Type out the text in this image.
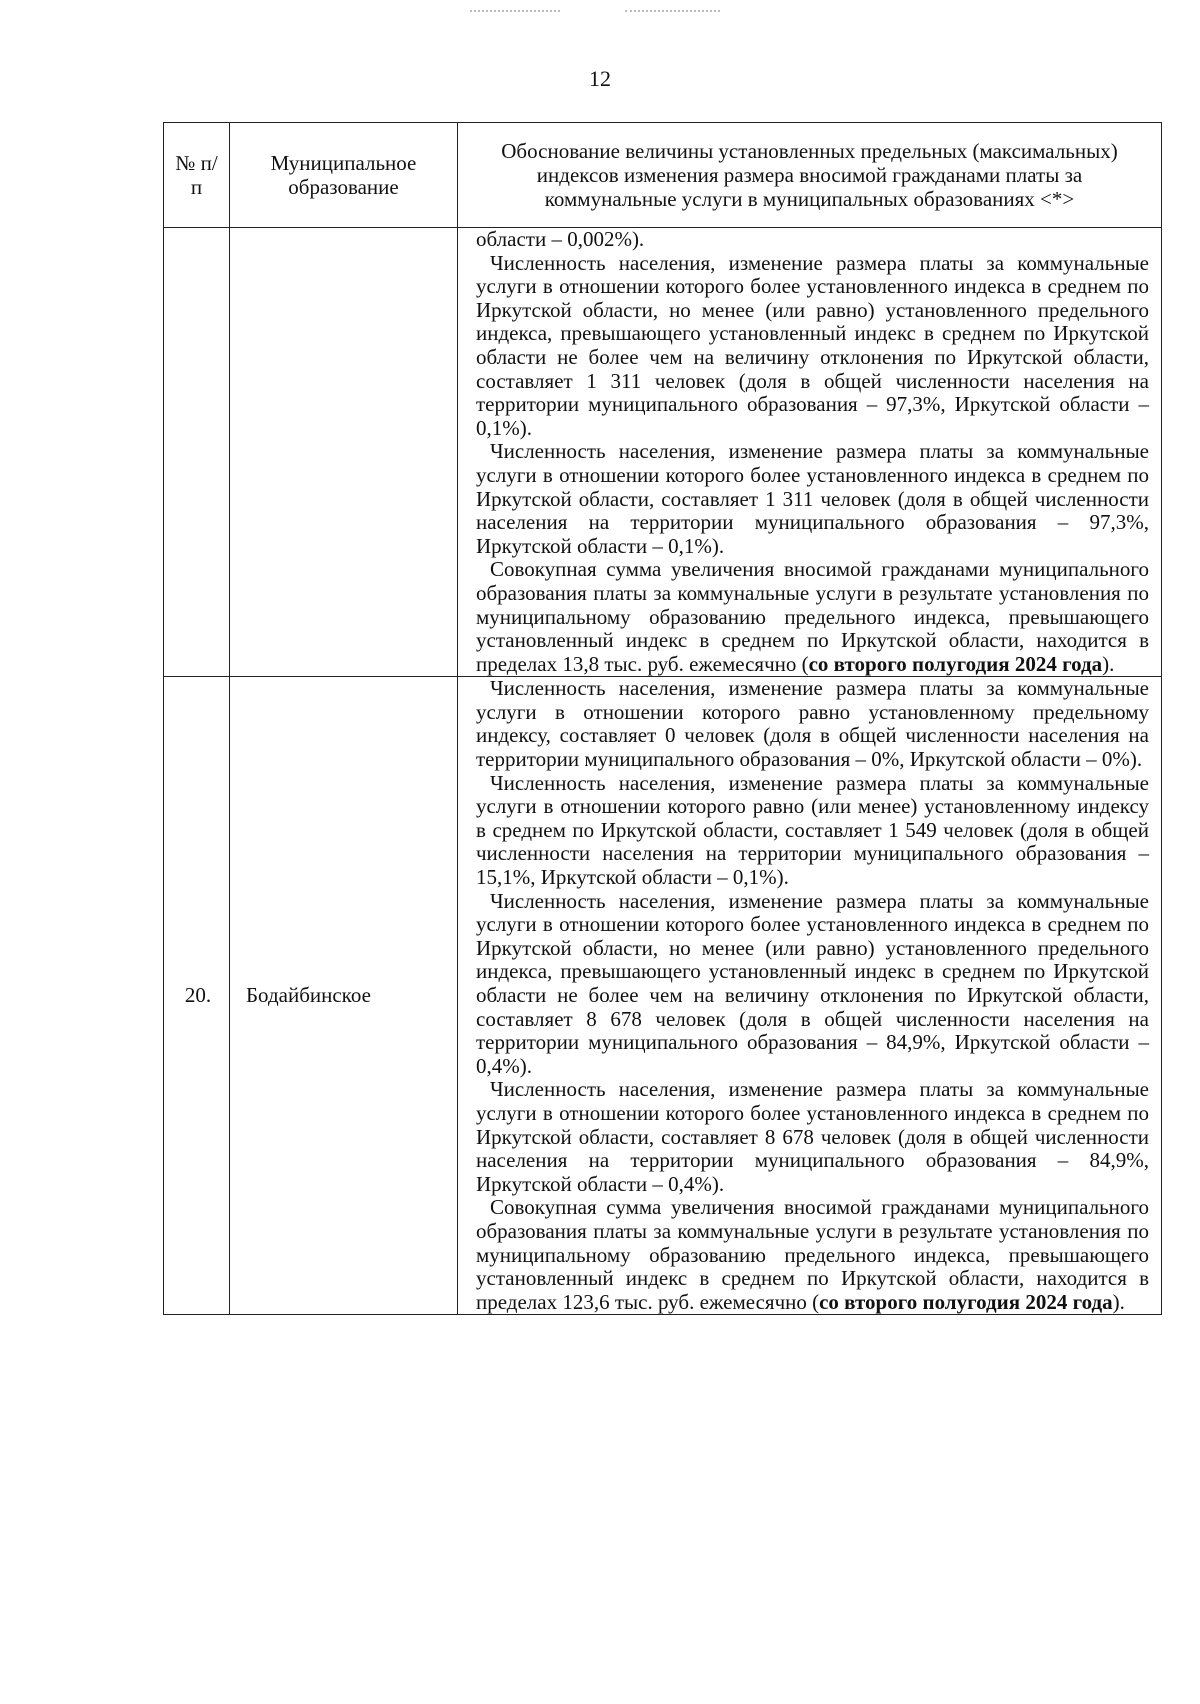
12
№ п/п	Муниципальное образование	Обоснование величины установленных предельных (максимальных) индексов изменения размера вносимой гражданами платы за коммунальные услуги в муниципальных образованиях <*>

		области – 0,002%).

Численность населения, изменение размера платы за коммунальные услуги в отношении которого более установленного индекса в среднем по Иркутской области, но менее (или равно) установленного предельного индекса, превышающего установленный индекс в среднем по Иркутской области не более чем на величину отклонения по Иркутской области, составляет 1 311 человек (доля в общей численности населения на территории муниципального образования – 97,3%, Иркутской области – 0,1%).

Численность населения, изменение размера платы за коммунальные услуги в отношении которого более установленного индекса в среднем по Иркутской области, составляет 1 311 человек (доля в общей численности населения на территории муниципального образования – 97,3%, Иркутской области – 0,1%).

Совокупная сумма увеличения вносимой гражданами муниципального образования платы за коммунальные услуги в результате установления по муниципальному образованию предельного индекса, превышающего установленный индекс в среднем по Иркутской области, находится в пределах 13,8 тыс. руб. ежемесячно (со второго полугодия 2024 года).

20.	Бодайбинское	Численность населения, изменение размера платы за коммунальные услуги в отношении которого равно установленному предельному индексу, составляет 0 человек (доля в общей численности населения на территории муниципального образования – 0%, Иркутской области – 0%).

Численность населения, изменение размера платы за коммунальные услуги в отношении которого равно (или менее) установленному индексу в среднем по Иркутской области, составляет 1 549 человек (доля в общей численности населения на территории муниципального образования – 15,1%, Иркутской области – 0,1%).

Численность населения, изменение размера платы за коммунальные услуги в отношении которого более установленного индекса в среднем по Иркутской области, но менее (или равно) установленного предельного индекса, превышающего установленный индекс в среднем по Иркутской области не более чем на величину отклонения по Иркутской области, составляет 8 678 человек (доля в общей численности населения на территории муниципального образования – 84,9%, Иркутской области – 0,4%).

Численность населения, изменение размера платы за коммунальные услуги в отношении которого более установленного индекса в среднем по Иркутской области, составляет 8 678 человек (доля в общей численности населения на территории муниципального образования – 84,9%, Иркутской области – 0,4%).

Совокупная сумма увеличения вносимой гражданами муниципального образования платы за коммунальные услуги в результате установления по муниципальному образованию предельного индекса, превышающего установленный индекс в среднем по Иркутской области, находится в пределах 123,6 тыс. руб. ежемесячно (со второго полугодия 2024 года).
